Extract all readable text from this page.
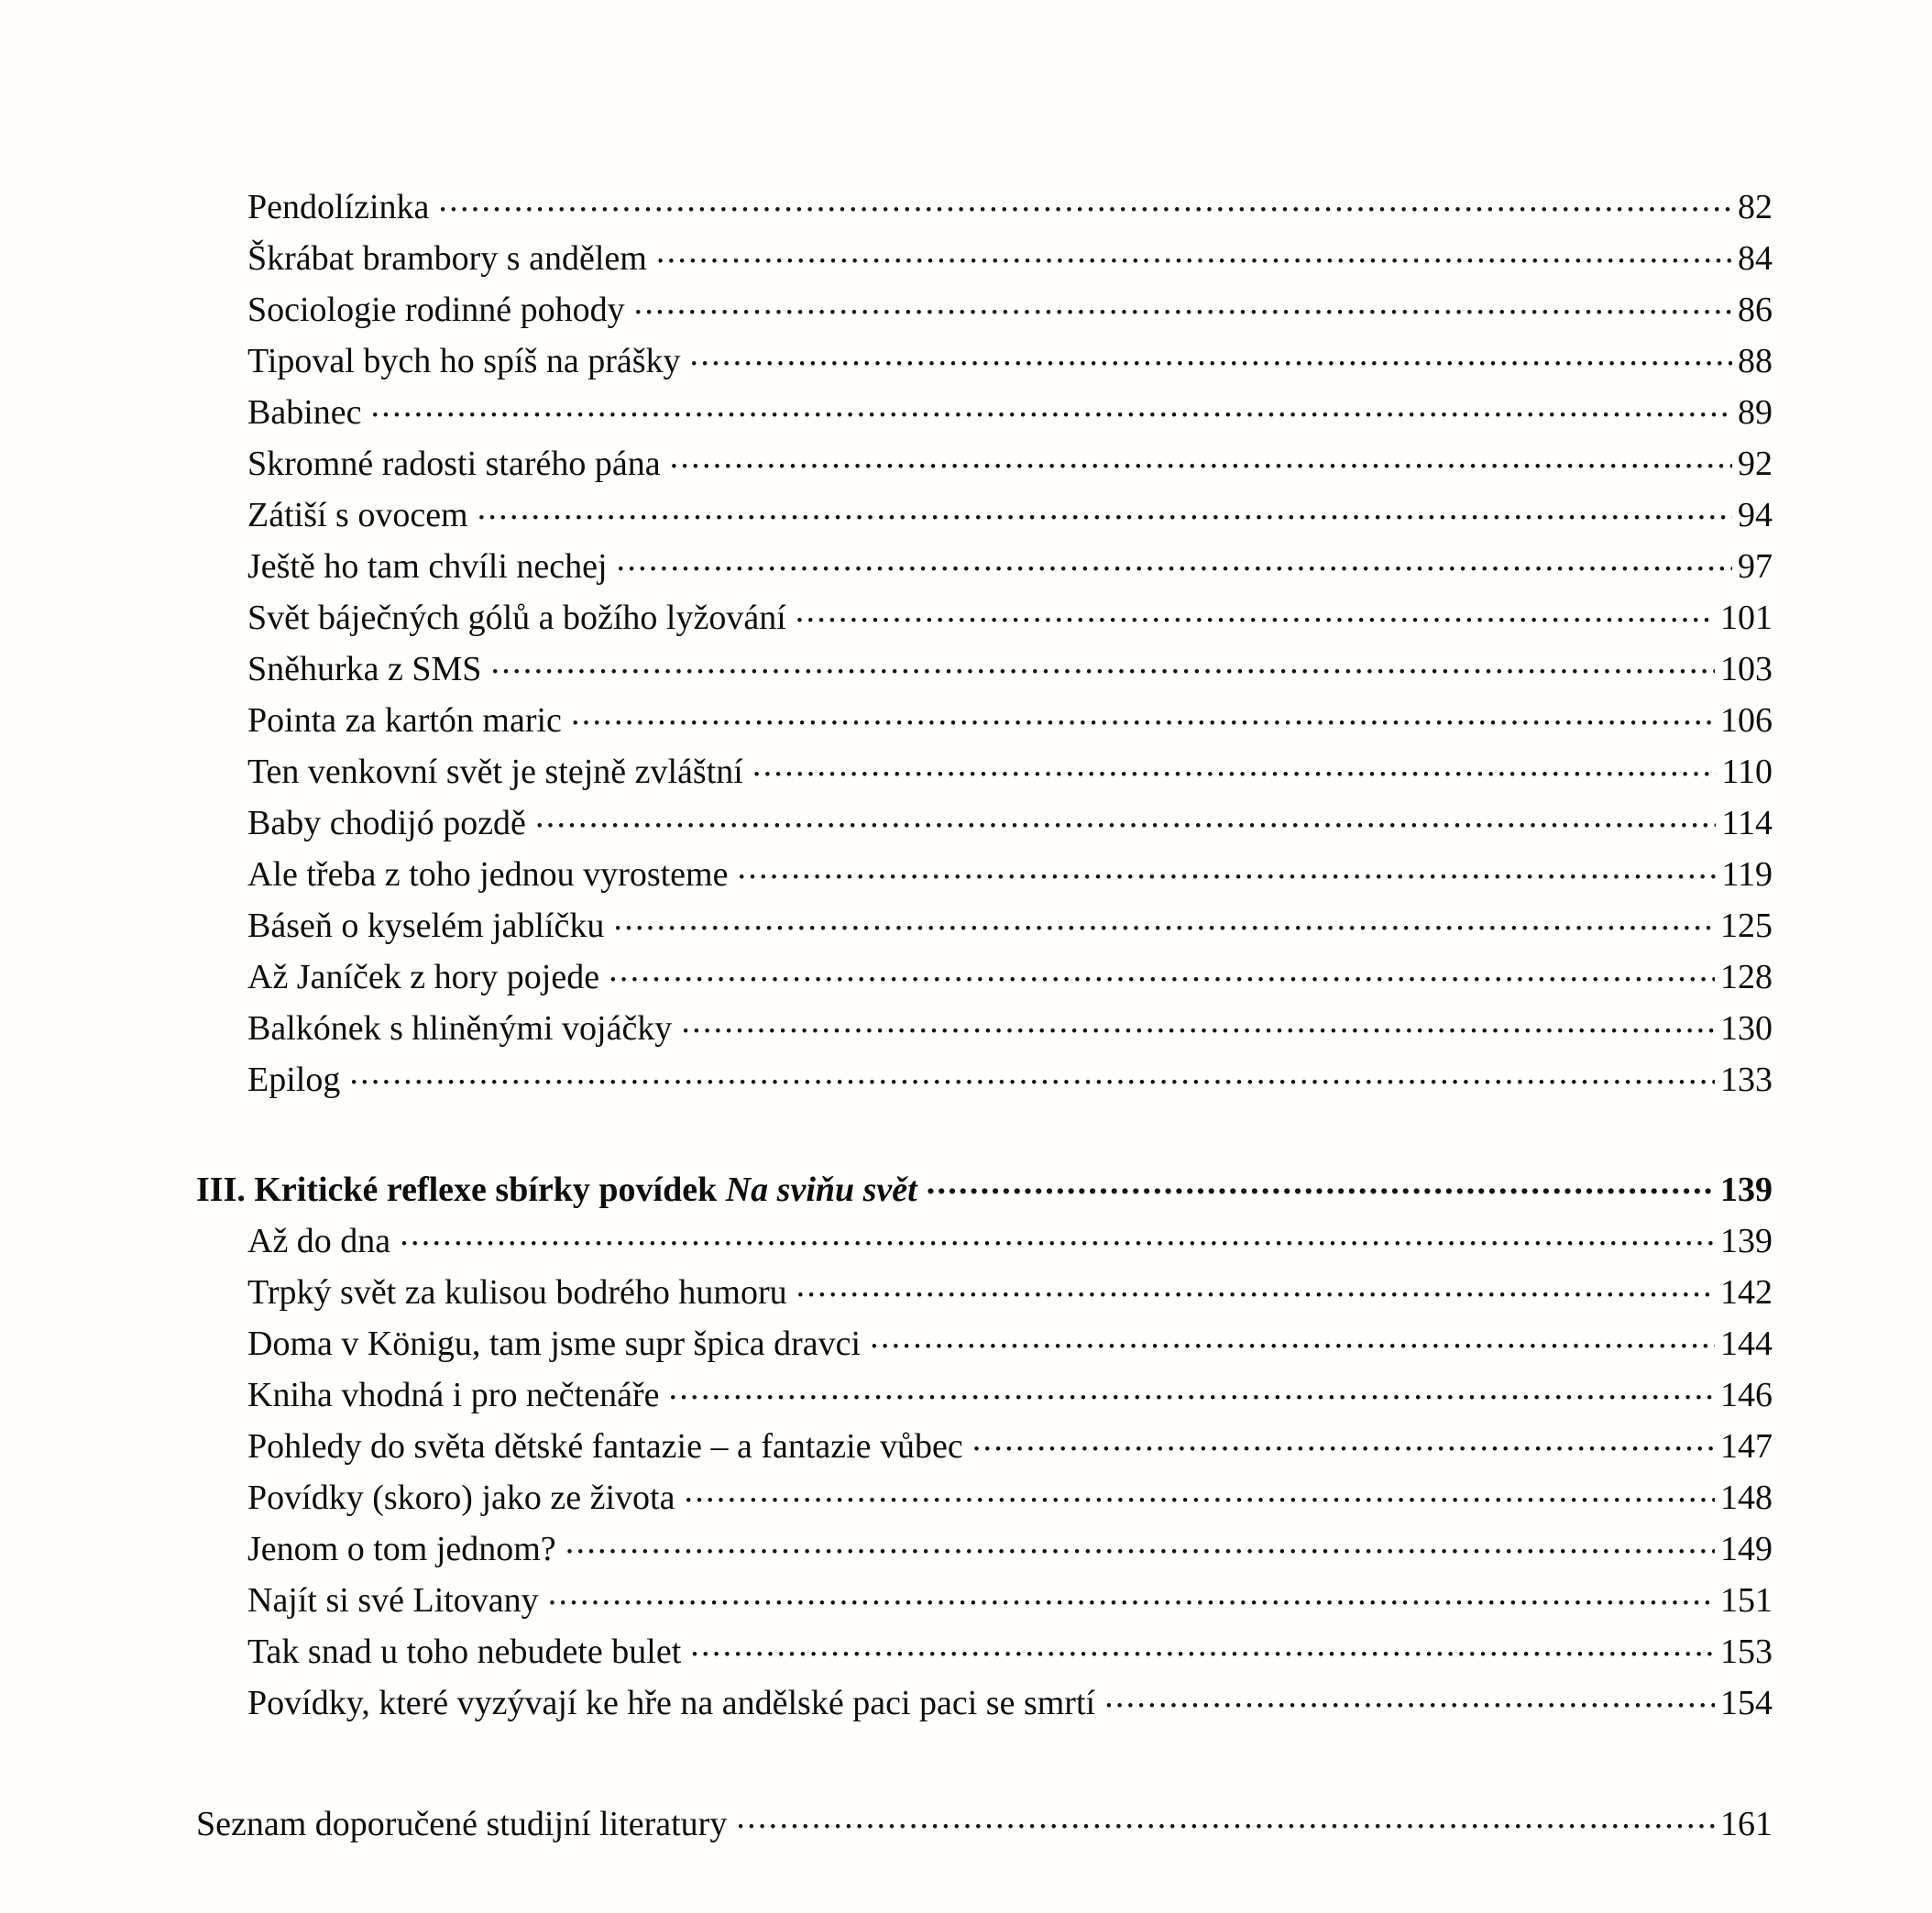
Pendolízinka .....	82
Škrábat brambory s andělem .....	84
Sociologie rodinné pohody .....	86
Tipoval bych ho spíš na prášky .....	88
Babinec .....	89
Skromné radosti starého pána .....	92
Zátiší s ovocem .....	94
Ještě ho tam chvíli nechej .....	97
Svět báječných gólů a božího lyžování .....	101
Sněhurka z SMS .....	103
Pointa za kartón maric .....	106
Ten venkovní svět je stejně zvláštní .....	110
Baby chodijó pozdě .....	114
Ale třeba z toho jednou vyrosteme .....	119
Báseň o kyselém jablíčku .....	125
Až Janíček z hory pojede .....	128
Balkónek s hliněnými vojáčky .....	130
Epilog .....	133
III. Kritické reflexe sbírky povídek Na sviňu svět .....	139
Až do dna .....	139
Trpký svět za kulisou bodrého humoru .....	142
Doma v Königu, tam jsme supr špica dravci .....	144
Kniha vhodná i pro nečtenáře .....	146
Pohledy do světa dětské fantazie – a fantazie vůbec .....	147
Povídky (skoro) jako ze života .....	148
Jenom o tom jednom? .....	149
Najít si své Litovany .....	151
Tak snad u toho nebudete bulet .....	153
Povídky, které vyzývají ke hře na andělské paci paci se smrtí .....	154
Seznam doporučené studijní literatury .....	161
